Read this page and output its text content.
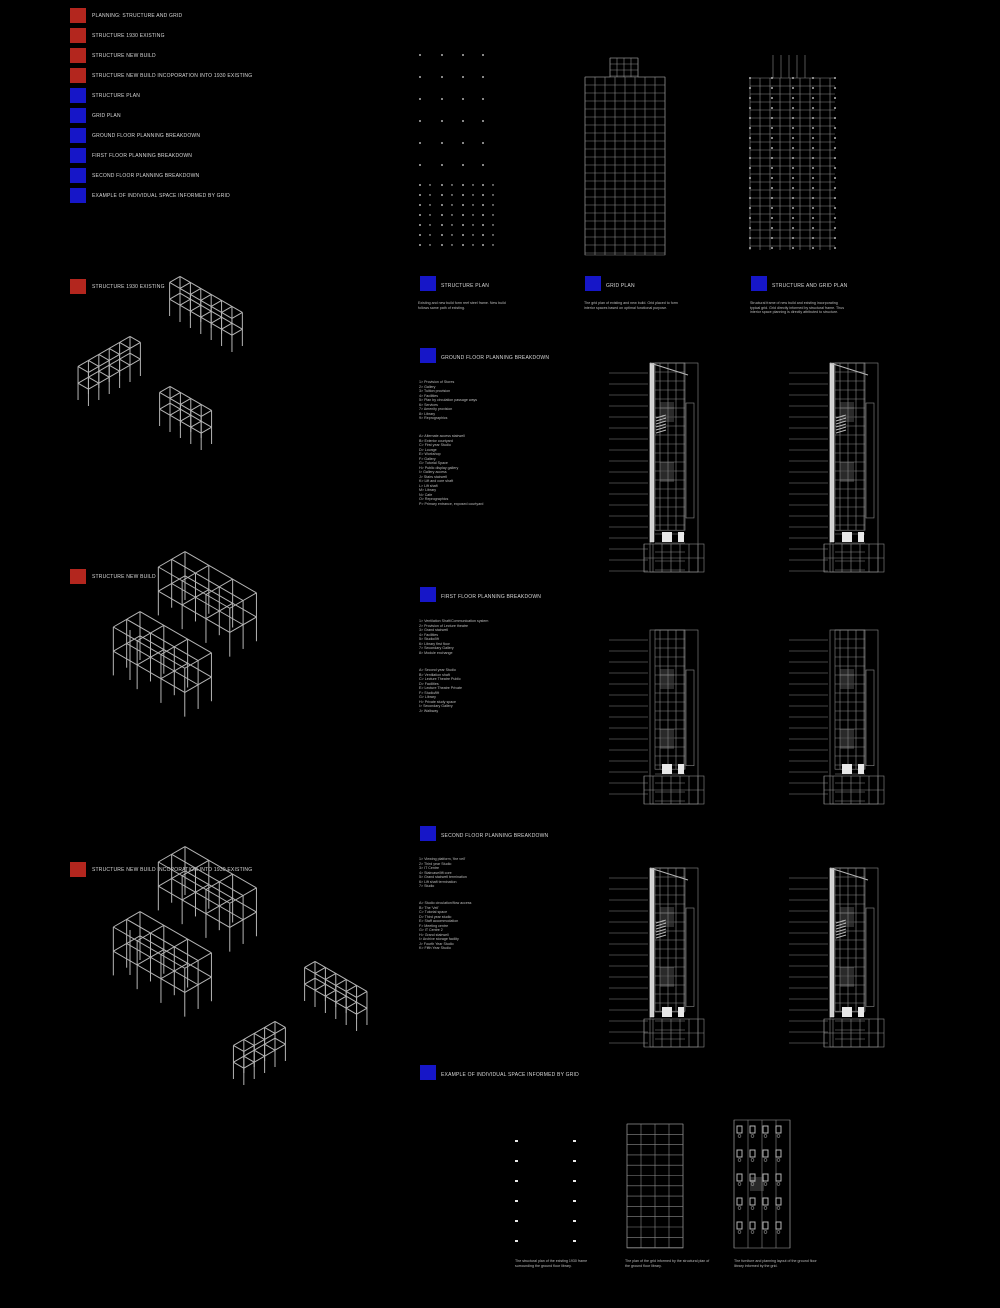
PLANNING: STRUCTURE AND GRID
STRUCTURE 1930 EXISTING
STRUCTURE NEW BUILD
STRUCTURE NEW BUILD INCOPORATION INTO 1930 EXISTING
STRUCTURE PLAN
GRID PLAN
GROUND FLOOR PLANNING BREAKDOWN
FIRST FLOOR PLANNING BREAKDOWN
SECOND FLOOR PLANNING BREAKDOWN
EXAMPLE OF INDIVIDUAL SPACE INFORMED BY GRID
STRUCTURE 1930 EXISTING
STRUCTURE NEW BUILD
STRUCTURE NEW BUILD INCOPORATION INTO 1930 EXISTING
STRUCTURE PLAN
Existing and new build form reef steel frame. New build follows same path of existing.
GRID PLAN
The grid plan of existing and new build. Grid placed to form interior spaces based on optimal functional purpose.
STRUCTURE AND GRID PLAN
Structural frame of new build and existing incorporating typical grid. Grid directly informed by structural frame. Thus interior space planning is directly attributed to structure.
GROUND FLOOR PLANNING BREAKDOWN
1> Provision of Stores
2> Gallery
3> Tuition provision
4> Facilities
5> Plan by circulation passage ways
6> Services
7> Amenity provision
8> Library
9> Reprographics
A> Alternate access stairwell
B> Exterior courtyard
C> First year Studio
D> Lounge
E> Workshop
F> Gallery
G> Tutorial Space
H> Public display gallery
I> Gallery access
J> Stairs stairwell
K> Lift and core shaft
L> Lift shaft
M> Library
N> Cafe
O> Reprographics
P> Primary entrance, exposed courtyard
FIRST FLOOR PLANNING BREAKDOWN
1> Ventilation Shaft/Communication system
2> Provision of Lecture theatre
3> Grand stairwell
4> Facilities
5> Studio/lift
6> Library first floor
7> Secondary Gallery
8> Module exchange
A> Second year Studio
B> Ventilation shaft
C> Lecture Theatre Public
D> Facilities
E> Lecture Theatre Private
F> Studio/lift
G> Library
H> Private study space
I> Secondary Gallery
J> Walkway
SECOND FLOOR PLANNING BREAKDOWN
1> Viewing platform, 'the veil'
2> Third year Studio
3> IT Centre
4> Staircase/lift core
5> Grand stairwell termination
6> Lift shaft termination
7> Studio
A> Studio circulation/flow access
B> The 'Veil'
C> Tutorial space
D> Third year studio
E> Staff accommodation
F> Meeting centre
G> IT Centre 2
H> Grand stairwell
I> Archive storage facility
J> Fourth Year Studio
K> Fifth Year Studio
EXAMPLE OF INDIVIDUAL SPACE INFORMED BY GRID
The structural plan of the existing 1930 frame surrounding the ground floor library.
The plan of the grid informed by the structural plan of the ground floor library.
The furniture and planning layout of the ground floor library informed by the grid.
